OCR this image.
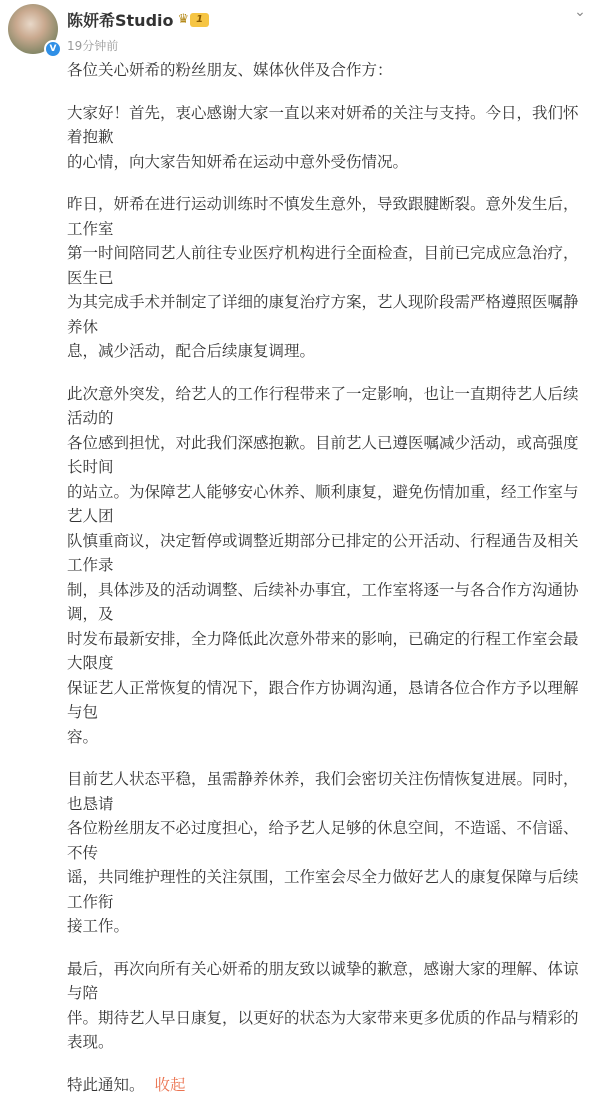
V
陈妍希Studio ♛ 1
19分钟前
⌄
各位关心妍希的粉丝朋友、媒体伙伴及合作方：
大家好！首先，衷心感谢大家一直以来对妍希的关注与支持。今日，我们怀着抱歉
的心情，向大家告知妍希在运动中意外受伤情况。
昨日，妍希在进行运动训练时不慎发生意外，导致跟腱断裂。意外发生后，工作室
第一时间陪同艺人前往专业医疗机构进行全面检查，目前已完成应急治疗，医生已
为其完成手术并制定了详细的康复治疗方案，艺人现阶段需严格遵照医嘱静养休
息，减少活动，配合后续康复调理。
此次意外突发，给艺人的工作行程带来了一定影响，也让一直期待艺人后续活动的
各位感到担忧，对此我们深感抱歉。目前艺人已遵医嘱减少活动，或高强度长时间
的站立。为保障艺人能够安心休养、顺利康复，避免伤情加重，经工作室与艺人团
队慎重商议，决定暂停或调整近期部分已排定的公开活动、行程通告及相关工作录
制，具体涉及的活动调整、后续补办事宜，工作室将逐一与各合作方沟通协调，及
时发布最新安排，全力降低此次意外带来的影响，已确定的行程工作室会最大限度
保证艺人正常恢复的情况下，跟合作方协调沟通，恳请各位合作方予以理解与包
容。
目前艺人状态平稳，虽需静养休养，我们会密切关注伤情恢复进展。同时，也恳请
各位粉丝朋友不必过度担心，给予艺人足够的休息空间，不造谣、不信谣、不传
谣，共同维护理性的关注氛围，工作室会尽全力做好艺人的康复保障与后续工作衔
接工作。
最后，再次向所有关心妍希的朋友致以诚挚的歉意，感谢大家的理解、体谅与陪
伴。期待艺人早日康复，以更好的状态为大家带来更多优质的作品与精彩的表现。
特此通知。 收起
